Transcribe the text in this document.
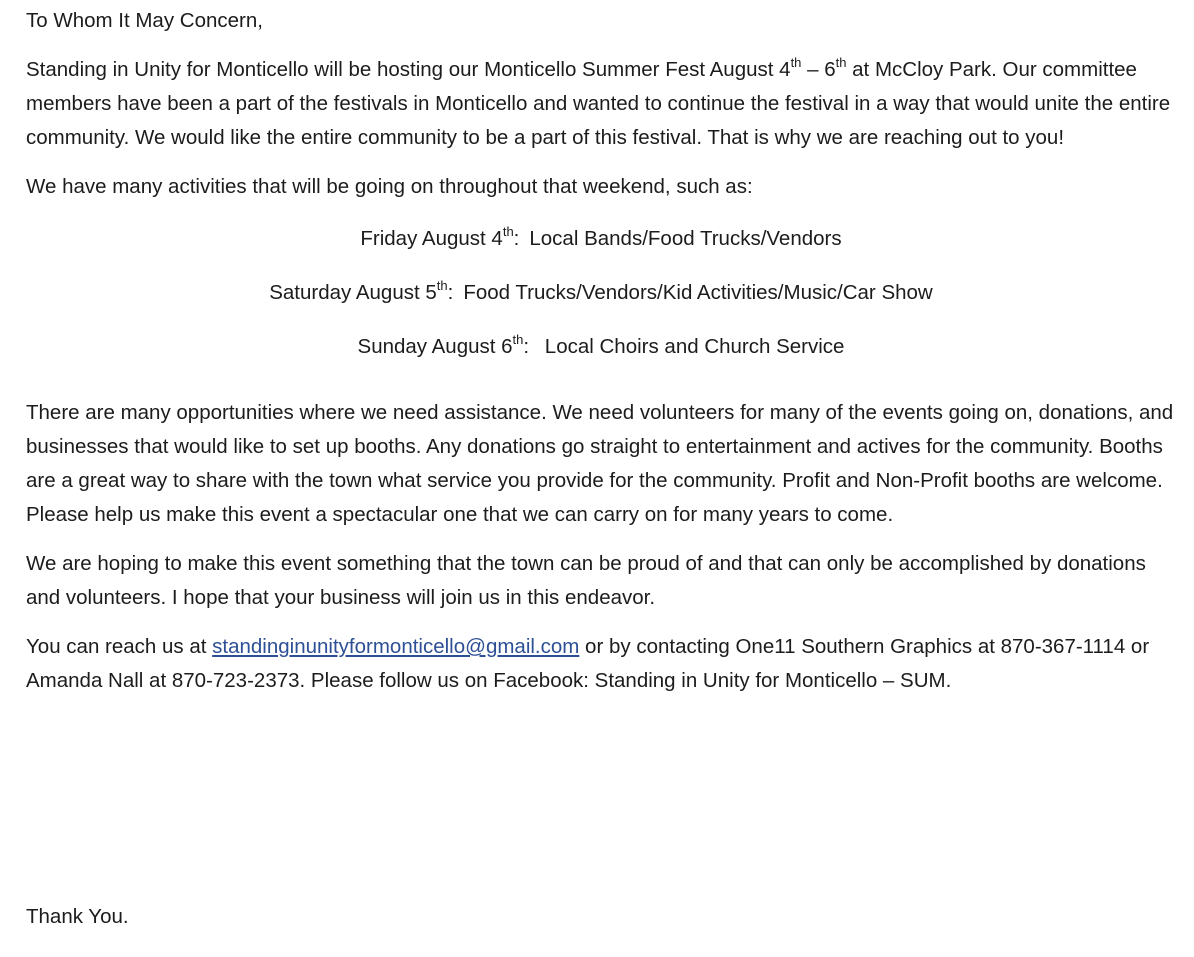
To Whom It May Concern,

Standing in Unity for Monticello will be hosting our Monticello Summer Fest August 4th – 6th at McCloy Park. Our committee members have been a part of the festivals in Monticello and wanted to continue the festival in a way that would unite the entire community. We would like the entire community to be a part of this festival. That is why we are reaching out to you!

We have many activities that will be going on throughout that weekend, such as:

Friday August 4th: Local Bands/Food Trucks/Vendors
Saturday August 5th: Food Trucks/Vendors/Kid Activities/Music/Car Show
Sunday August 6th: Local Choirs and Church Service

There are many opportunities where we need assistance. We need volunteers for many of the events going on, donations, and businesses that would like to set up booths. Any donations go straight to entertainment and actives for the community. Booths are a great way to share with the town what service you provide for the community. Profit and Non-Profit booths are welcome. Please help us make this event a spectacular one that we can carry on for many years to come.

We are hoping to make this event something that the town can be proud of and that can only be accomplished by donations and volunteers. I hope that your business will join us in this endeavor.

You can reach us at standinginunityformonticello@gmail.com or by contacting One11 Southern Graphics at 870-367-1114 or Amanda Nall at 870-723-2373. Please follow us on Facebook: Standing in Unity for Monticello – SUM.

Thank You.
